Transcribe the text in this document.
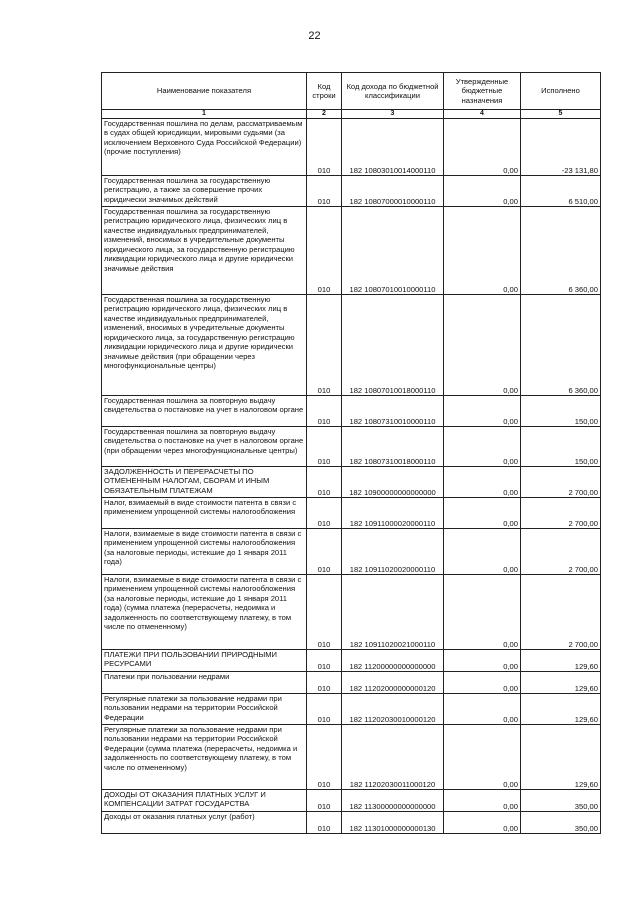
22
Наименование показателя	Код строки	Код дохода по бюджетной классификации	Утвержденные бюджетные назначения	Исполнено
1	2	3	4	5
Государственная пошлина по делам, рассматриваемым в судах общей юрисдикции, мировыми судьями (за исключением Верховного Суда Российской Федерации) (прочие поступления)	010	182 10803010014000110	0,00	-23 131,80
Государственная пошлина за государственную регистрацию, а также за совершение прочих юридически значимых действий	010	182 10807000010000110	0,00	6 510,00
Государственная пошлина за государственную регистрацию юридического лица, физических лиц в качестве индивидуальных предпринимателей, изменений, вносимых в учредительные документы юридического лица, за государственную регистрацию ликвидации юридического лица и другие юридически значимые действия	010	182 10807010010000110	0,00	6 360,00
Государственная пошлина за государственную регистрацию юридического лица, физических лиц в качестве индивидуальных предпринимателей, изменений, вносимых в учредительные документы юридического лица, за государственную регистрацию ликвидации юридического лица и другие юридически значимые действия (при обращении через многофункциональные центры)	010	182 10807010018000110	0,00	6 360,00
Государственная пошлина за повторную выдачу свидетельства о постановке на учет в налоговом органе	010	182 10807310010000110	0,00	150,00
Государственная пошлина за повторную выдачу свидетельства о постановке на учет в налоговом органе (при обращении через многофункциональные центры)	010	182 10807310018000110	0,00	150,00
ЗАДОЛЖЕННОСТЬ И ПЕРЕРАСЧЕТЫ ПО ОТМЕНЕННЫМ НАЛОГАМ, СБОРАМ И ИНЫМ ОБЯЗАТЕЛЬНЫМ ПЛАТЕЖАМ	010	182 10900000000000000	0,00	2 700,00
Налог, взимаемый в виде стоимости патента в связи с применением упрощенной системы налогообложения	010	182 10911000020000110	0,00	2 700,00
Налоги, взимаемые в виде стоимости патента в связи с применением упрощенной системы налогообложения (за налоговые периоды, истекшие до 1 января 2011 года)	010	182 10911020020000110	0,00	2 700,00
Налоги, взимаемые в виде стоимости патента в связи с применением упрощенной системы налогообложения (за налоговые периоды, истекшие до 1 января 2011 года) (сумма платежа (перерасчеты, недоимка и задолженность по соответствующему платежу, в том числе по отмененному)	010	182 10911020021000110	0,00	2 700,00
ПЛАТЕЖИ ПРИ ПОЛЬЗОВАНИИ ПРИРОДНЫМИ РЕСУРСАМИ	010	182 11200000000000000	0,00	129,60
Платежи при пользовании недрами	010	182 11202000000000120	0,00	129,60
Регулярные платежи за пользование недрами при пользовании недрами на территории Российской Федерации	010	182 11202030010000120	0,00	129,60
Регулярные платежи за пользование недрами при пользовании недрами на территории Российской Федерации (сумма платежа (перерасчеты, недоимка и задолженность по соответствующему платежу, в том числе по отмененному)	010	182 11202030011000120	0,00	129,60
ДОХОДЫ ОТ ОКАЗАНИЯ ПЛАТНЫХ УСЛУГ И КОМПЕНСАЦИИ ЗАТРАТ ГОСУДАРСТВА	010	182 11300000000000000	0,00	350,00
Доходы от оказания платных услуг (работ)	010	182 11301000000000130	0,00	350,00
